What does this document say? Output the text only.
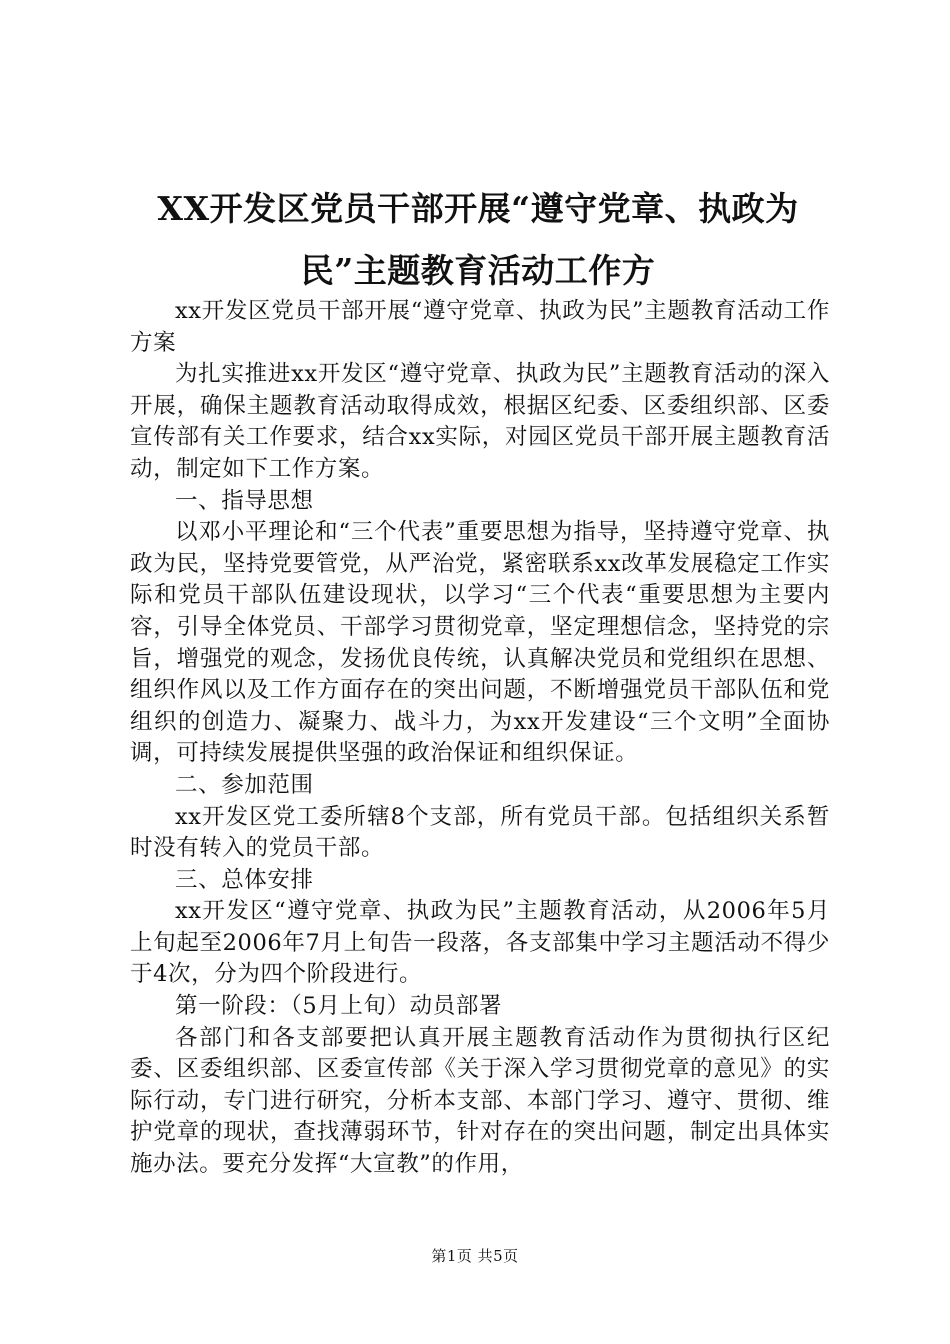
XX开发区党员干部开展“遵守党章、执政为
民”主题教育活动工作方

xx开发区党员干部开展“遵守党章、执政为民”主题教育活动工作方案

为扎实推进xx开发区“遵守党章、执政为民”主题教育活动的深入开展，确保主题教育活动取得成效，根据区纪委、区委组织部、区委宣传部有关工作要求，结合xx实际，对园区党员干部开展主题教育活动，制定如下工作方案。

一、指导思想

以邓小平理论和“三个代表”重要思想为指导，坚持遵守党章、执政为民，坚持党要管党，从严治党，紧密联系xx改革发展稳定工作实际和党员干部队伍建设现状，以学习“三个代表“重要思想为主要内容，引导全体党员、干部学习贯彻党章，坚定理想信念，坚持党的宗旨，增强党的观念，发扬优良传统，认真解决党员和党组织在思想、组织作风以及工作方面存在的突出问题，不断增强党员干部队伍和党组织的创造力、凝聚力、战斗力，为xx开发建设“三个文明”全面协调，可持续发展提供坚强的政治保证和组织保证。

二、参加范围

xx开发区党工委所辖8个支部，所有党员干部。包括组织关系暂时没有转入的党员干部。

三、总体安排

xx开发区“遵守党章、执政为民”主题教育活动，从2006年5月上旬起至2006年7月上旬告一段落，各支部集中学习主题活动不得少于4次，分为四个阶段进行。

第一阶段：（5月上旬）动员部署

各部门和各支部要把认真开展主题教育活动作为贯彻执行区纪委、区委组织部、区委宣传部《关于深入学习贯彻党章的意见》的实际行动，专门进行研究，分析本支部、本部门学习、遵守、贯彻、维护党章的现状，查找薄弱环节，针对存在的突出问题，制定出具体实施办法。要充分发挥“大宣教”的作用，

第1页 共5页
